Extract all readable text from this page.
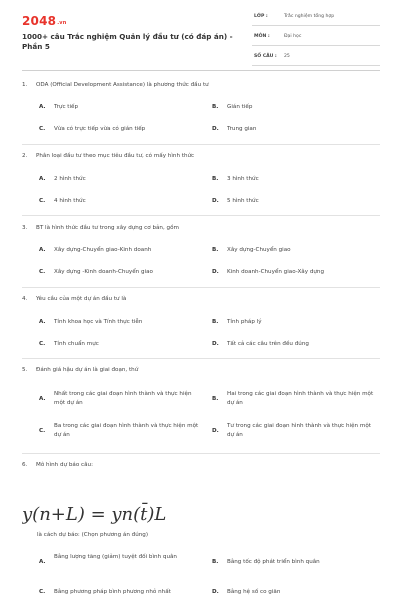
2048.vn
1000+ câu Trắc nghiệm Quản lý đầu tư (có đáp án) - Phần 5
LỚP :	Trắc nghiệm tổng hợp
MÔN :	Đại học
SỐ CÂU : 25
1. ODA (Official Development Assistance) là phương thức đầu tư
A. Trực tiếp	B. Gián tiếp
C. Vừa có trực tiếp vừa có gián tiếp	D. Trung gian
2. Phân loại đầu tư theo mục tiêu đầu tư, có mấy hình thức
A. 2 hình thức	B. 3 hình thức
C. 4 hình thức	D. 5 hình thức
3. BT là hình thức đầu tư trong xây dựng cơ bản, gồm
A. Xây dựng-Chuyển giao-Kinh doanh	B. Xây dựng-Chuyển giao
C. Xây dựng -Kinh doanh-Chuyển giao	D. Kinh doanh-Chuyển giao-Xây dựng
4. Yêu cầu của một dự án đầu tư là
A. Tính khoa học và Tính thực tiễn	B. Tính pháp lý
C. Tính chuẩn mực	D. Tất cả các câu trên đều đúng
5. Đánh giá hậu dự án là giai đoạn, thứ
A.
Nhất trong các giai đoạn hình thành và thực hiện một dự án
B.
Hai trong các giai đoạn hình thành và thực hiện một dự án
C.
Ba trong các giai đoạn hình thành và thực hiện một dự án
D.
Tư trong các giai đoạn hình thành và thực hiện một dự án
6. Mô hình dự báo câu:
là cách dự báo: (Chọn phương án đúng)
A.
Bằng lượng tăng (giảm) tuyệt đối bình quân
B. Bằng tốc độ phát triển bình quân
C. Bằng phương pháp bình phương nhỏ nhất	D. Bằng hệ số co giãn
y(n+L) = yn(t̄)L
